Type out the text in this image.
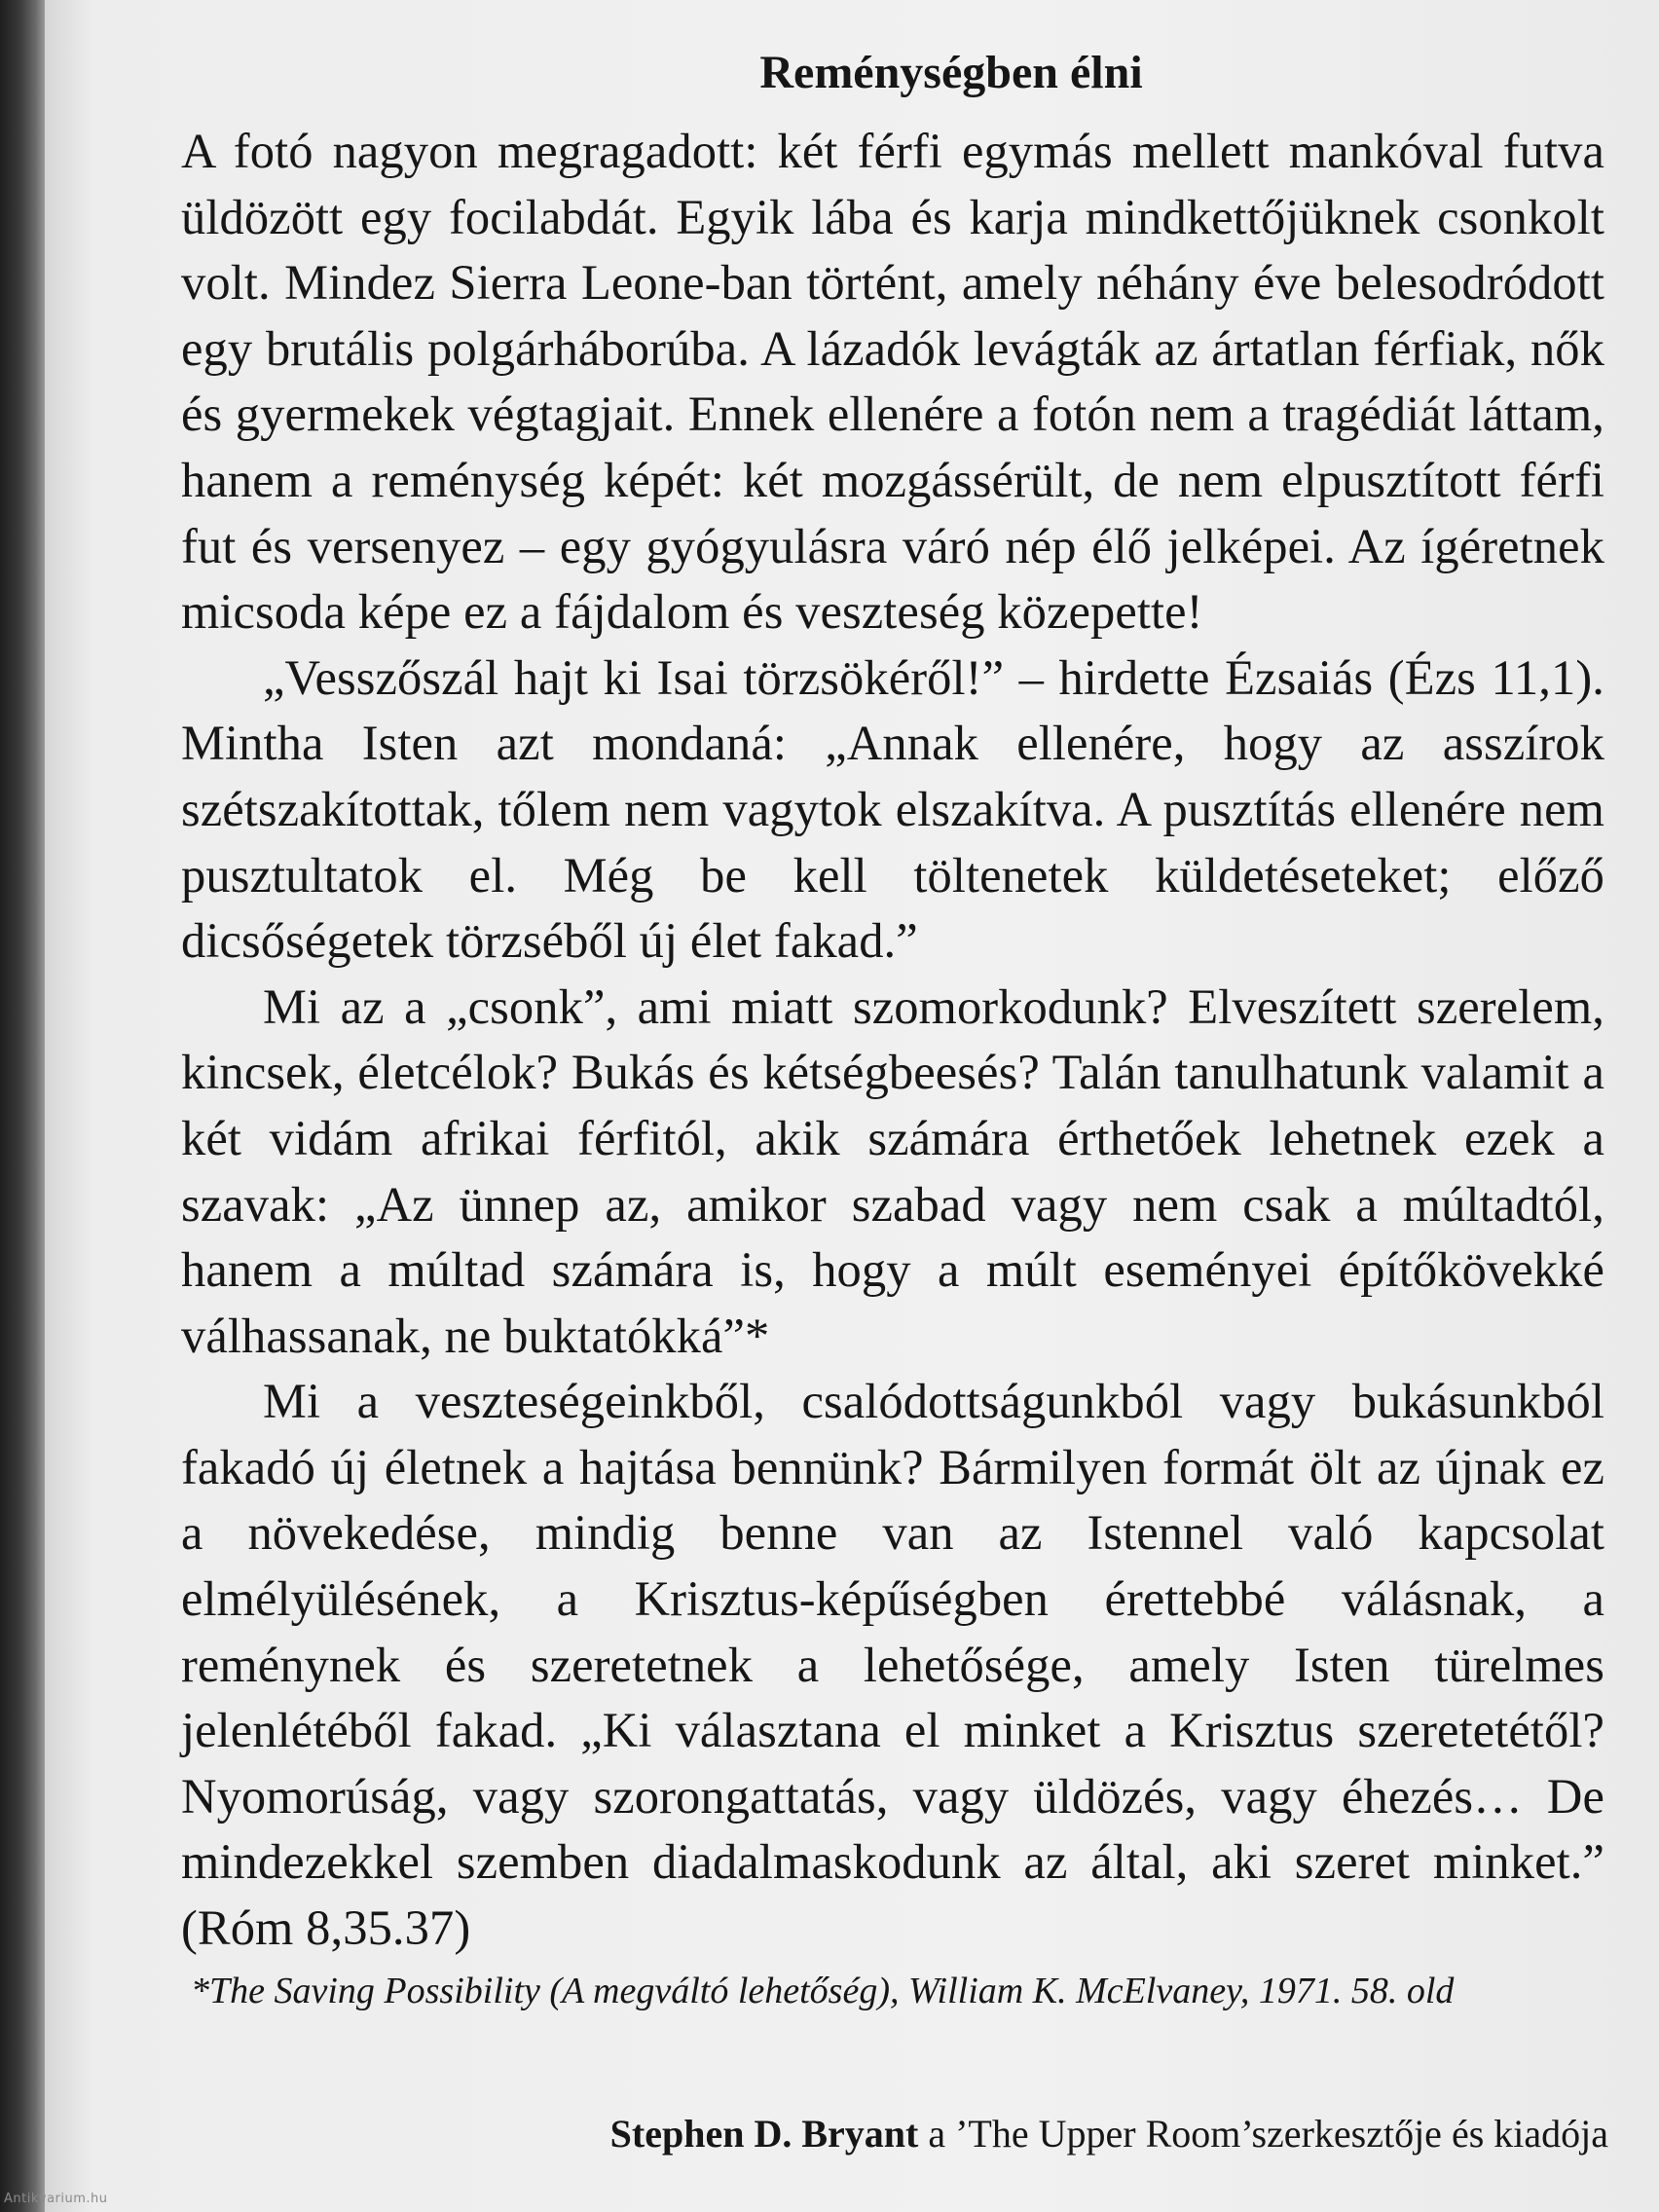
Reménységben élni

A fotó nagyon megragadott: két férfi egymás mellett mankóval futva üldözött egy focilabdát. Egyik lába és karja mindkettőjüknek csonkolt volt. Mindez Sierra Leone-ban történt, amely néhány éve belesodródott egy brutális polgárháborúba. A lázadók levágták az ártatlan férfiak, nők és gyermekek végtagjait. Ennek ellenére a fotón nem a tragédiát láttam, hanem a reménység képét: két mozgássérült, de nem elpusztított férfi fut és versenyez – egy gyógyulásra váró nép élő jelképei. Az ígéretnek micsoda képe ez a fájdalom és veszteség közepette!

„Vesszőszál hajt ki Isai törzsökéről!” – hirdette Ézsaiás (Ézs 11,1). Mintha Isten azt mondaná: „Annak ellenére, hogy az asszírok szétszakítottak, tőlem nem vagytok elszakítva. A pusztítás ellenére nem pusztultatok el. Még be kell töltenetek küldetéseteket; előző dicsőségetek törzséből új élet fakad.”

Mi az a „csonk”, ami miatt szomorkodunk? Elveszített szerelem, kincsek, életcélok? Bukás és kétségbeesés? Talán tanulhatunk valamit a két vidám afrikai férfitól, akik számára érthetőek lehetnek ezek a szavak: „Az ünnep az, amikor szabad vagy nem csak a múltadtól, hanem a múltad számára is, hogy a múlt eseményei építőkövekké válhassanak, ne buktatókká”*

Mi a veszteségeinkből, csalódottságunkból vagy bukásunkból fakadó új életnek a hajtása bennünk? Bármilyen formát ölt az újnak ez a növekedése, mindig benne van az Istennel való kapcsolat elmélyülésének, a Krisztus-képűségben érettebbé válásnak, a reménynek és szeretetnek a lehetősége, amely Isten türelmes jelenlétéből fakad. „Ki választana el minket a Krisztus szeretetétől? Nyomorúság, vagy szorongattatás, vagy üldözés, vagy éhezés… De mindezekkel szemben diadalmaskodunk az által, aki szeret minket.” (Róm 8,35.37)

*The Saving Possibility (A megváltó lehetőség), William K. McElvaney, 1971. 58. old
Stephen D. Bryant a ’The Upper Room’szerkesztője és kiadója
Antikvarium.hu
